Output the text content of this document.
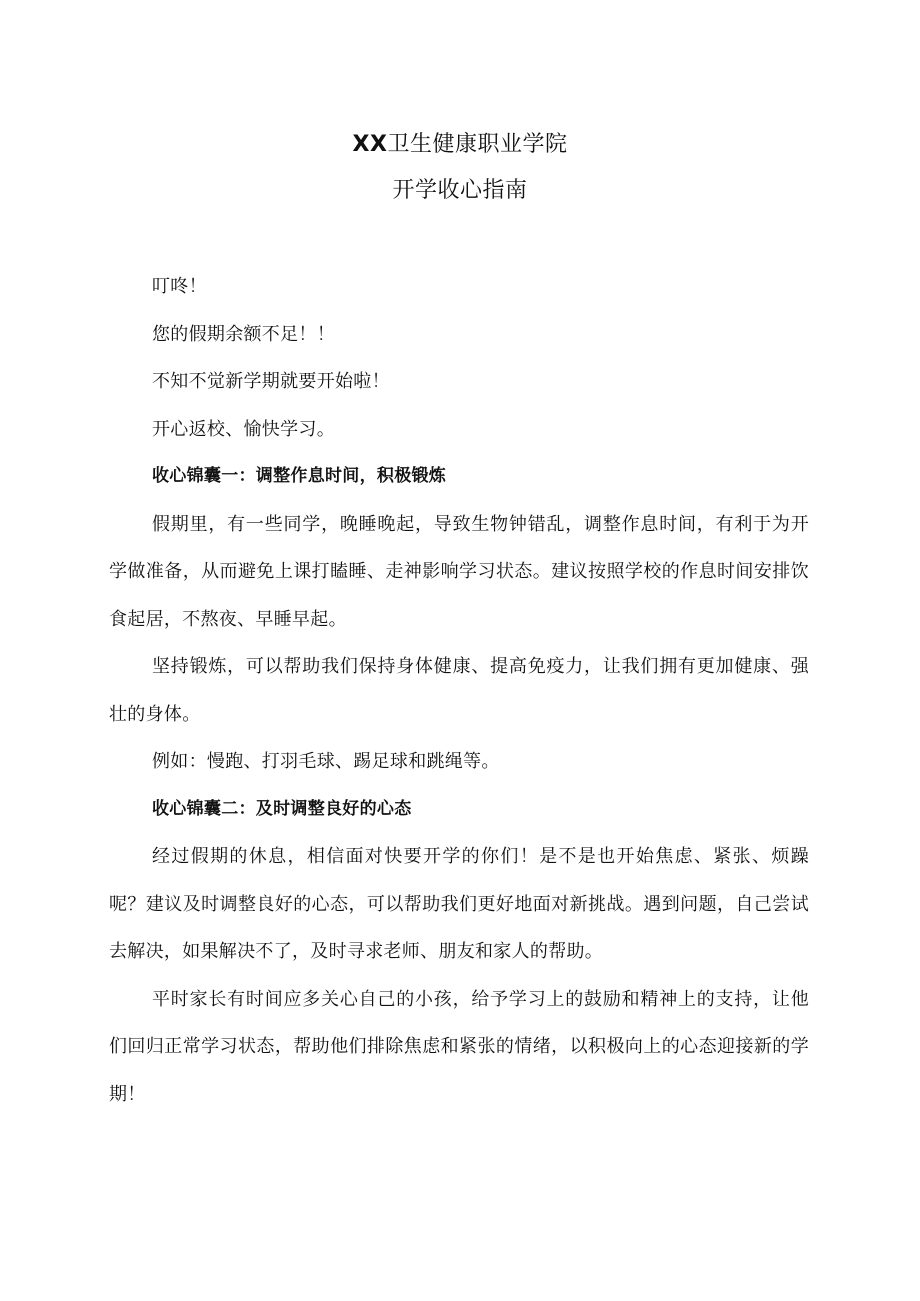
XX卫生健康职业学院
开学收心指南

叮咚！

您的假期余额不足！！

不知不觉新学期就要开始啦！

开心返校、愉快学习。

收心锦囊一：调整作息时间，积极锻炼

假期里，有一些同学，晚睡晚起，导致生物钟错乱，调整作息时间，有利于为开学做准备，从而避免上课打瞌睡、走神影响学习状态。建议按照学校的作息时间安排饮食起居，不熬夜、早睡早起。

坚持锻炼，可以帮助我们保持身体健康、提高免疫力，让我们拥有更加健康、强壮的身体。

例如：慢跑、打羽毛球、踢足球和跳绳等。

收心锦囊二：及时调整良好的心态

经过假期的休息，相信面对快要开学的你们！是不是也开始焦虑、紧张、烦躁呢？建议及时调整良好的心态，可以帮助我们更好地面对新挑战。遇到问题，自己尝试去解决，如果解决不了，及时寻求老师、朋友和家人的帮助。

平时家长有时间应多关心自己的小孩，给予学习上的鼓励和精神上的支持，让他们回归正常学习状态，帮助他们排除焦虑和紧张的情绪，以积极向上的心态迎接新的学期！
